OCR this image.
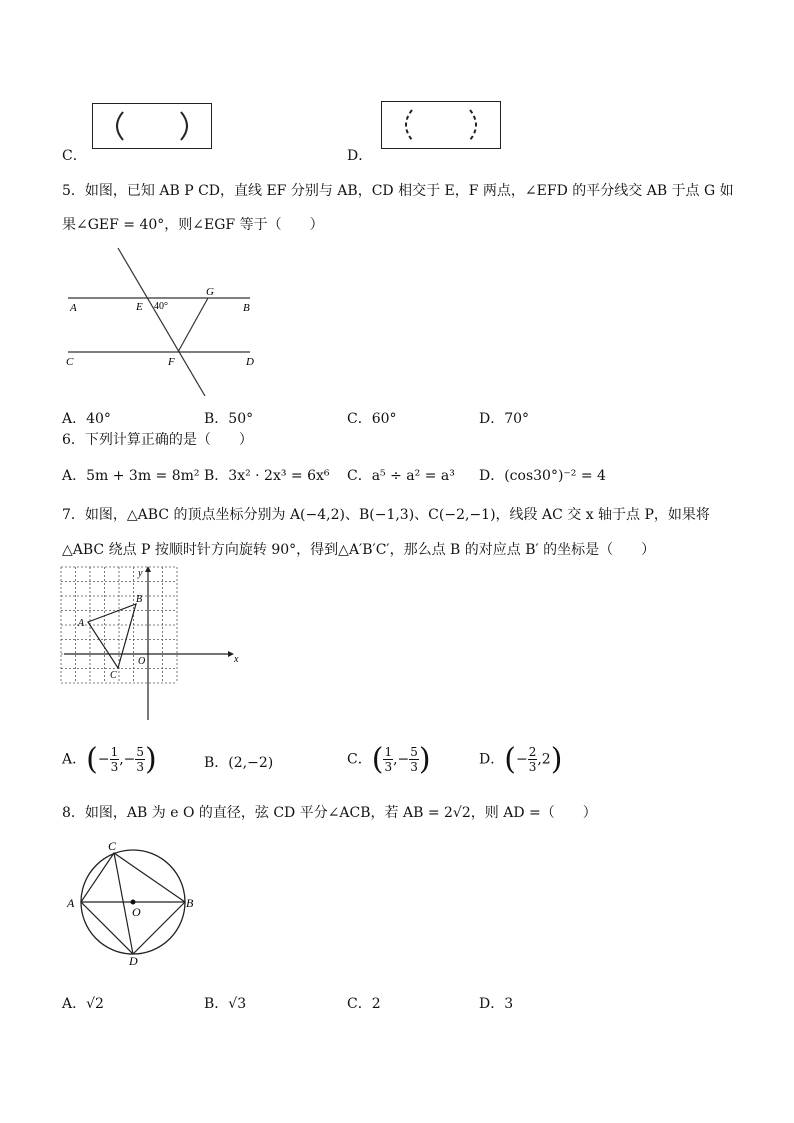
C．	D．
5．如图，已知 AB P CD，直线 EF 分别与 AB，CD 相交于 E，F 两点，∠EFD 的平分线交 AB 于点 G 如
果∠GEF = 40°，则∠EGF 等于（　　）
A	E 40°
G
B
C	F	D
A．40°	B．50°	C．60°	D．70°
6．下列计算正确的是（　　）
A．5m + 3m = 8m² B．3x² · 2x³ = 6x⁶ C．a⁵ ÷ a² = a³ D．(cos30°)⁻² = 4
7．如图，△ABC 的顶点坐标分别为 A(−4,2)、B(−1,3)、C(−2,−1)，线段 AC 交 x 轴于点 P，如果将
△ABC 绕点 P 按顺时针方向旋转 90°，得到△A′B′C′，那么点 B 的对应点 B′ 的坐标是（　　）
x
y
A
B
C
O
A．(− $\frac{1}{3}$ ,− $\frac{5}{3}$ )	B．(2,−2)	C．( $\frac{1}{3}$ ,− $\frac{5}{3}$ )	D．(− $\frac{2}{3} ,2$)
8．如图，AB 为 e O 的直径，弦 CD 平分∠ACB，若 AB = 2√2，则 AD =（　　）
C
A
O
B
D
A．√2	B．√3	C．2	D．3
